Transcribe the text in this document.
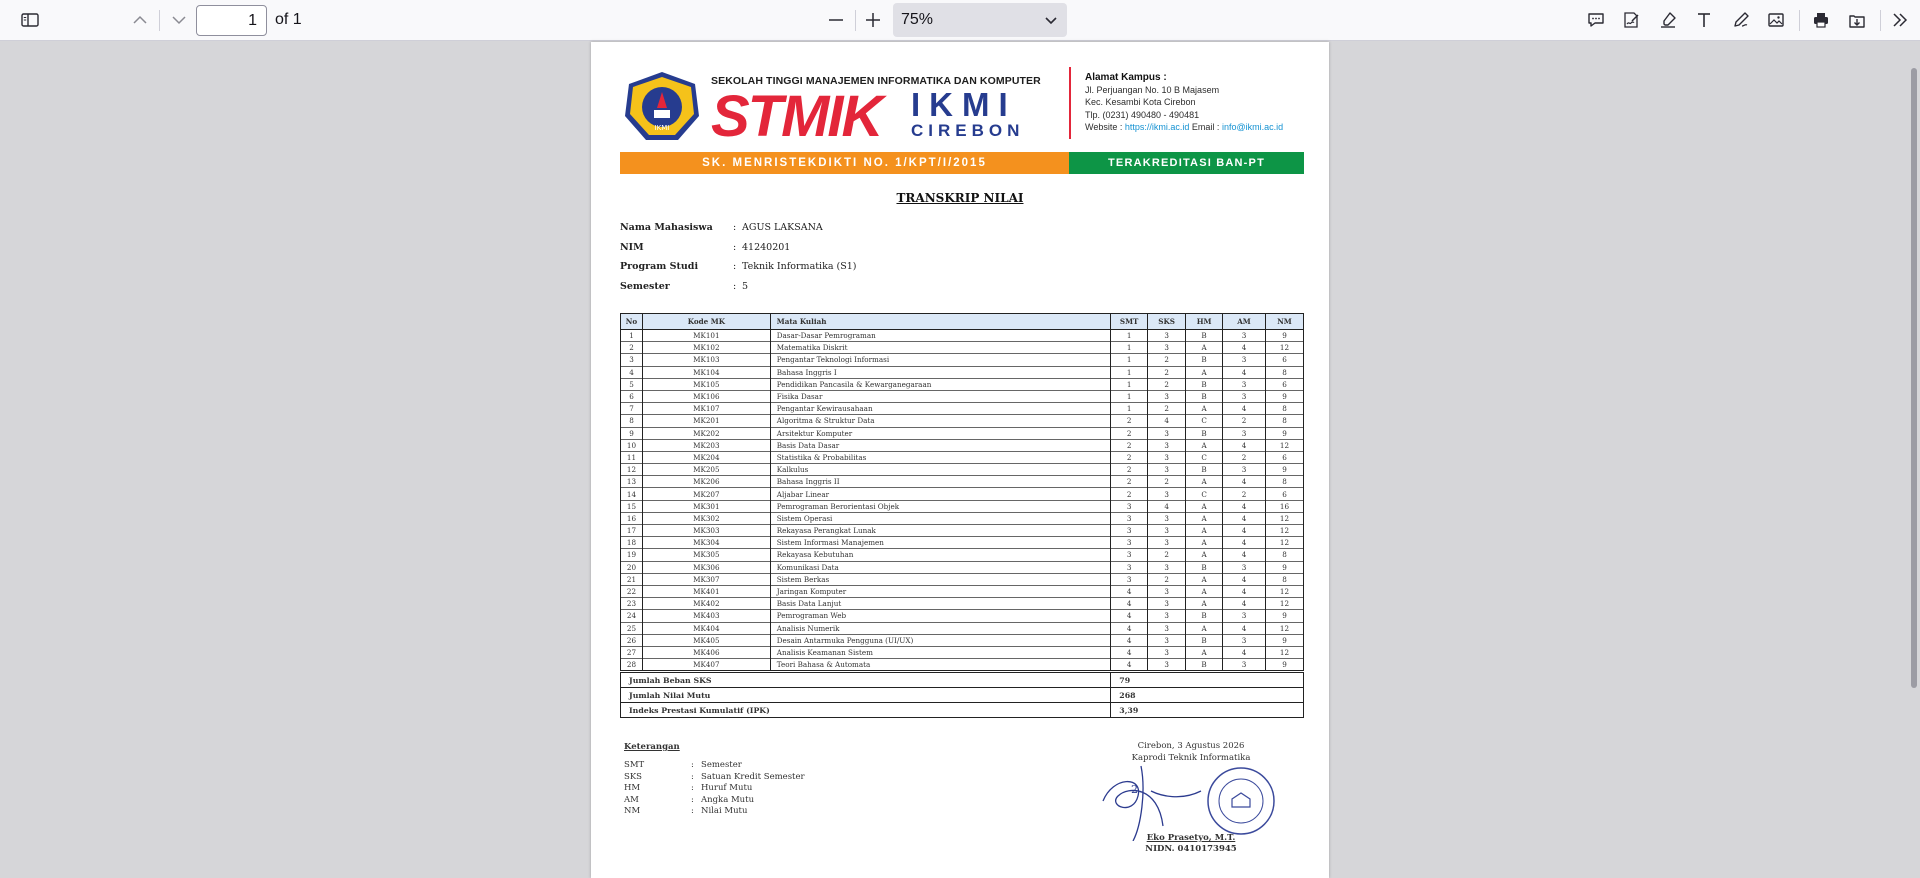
1	of 1	75%
IKMI
SEKOLAH TINGGI MANAJEMEN INFORMATIKA DAN KOMPUTER
STMIK IKMI
CIREBON
Alamat Kampus :
Jl. Perjuangan No. 10 B Majasem
Kec. Kesambi Kota Cirebon
Tlp. (0231) 490480 - 490481
Website : https://ikmi.ac.id Email : info@ikmi.ac.id
SK. MENRISTEKDIKTI NO. 1/KPT/I/2015	TERAKREDITASI BAN-PT
TRANSKRIP NILAI
Nama Mahasiswa : AGUS LAKSANA
NIM	: 41240201
Program Studi	: Teknik Informatika (S1)
Semester	: 5
No	Kode MK	Mata Kuliah	SMT	SKS	HM	AM	NM
1	MK101	Dasar-Dasar Pemrograman	1	3	B	3	9
2	MK102	Matematika Diskrit	1	3	A	4	12
3	MK103	Pengantar Teknologi Informasi	1	2	B	3	6
4	MK104	Bahasa Inggris I	1	2	A	4	8
5	MK105	Pendidikan Pancasila & Kewarganegaraan	1	2	B	3	6
6	MK106	Fisika Dasar	1	3	B	3	9
7	MK107	Pengantar Kewirausahaan	1	2	A	4	8
8	MK201	Algoritma & Struktur Data	2	4	C	2	8
9	MK202	Arsitektur Komputer	2	3	B	3	9
10	MK203	Basis Data Dasar	2	3	A	4	12
11	MK204	Statistika & Probabilitas	2	3	C	2	6
12	MK205	Kalkulus	2	3	B	3	9
13	MK206	Bahasa Inggris II	2	2	A	4	8
14	MK207	Aljabar Linear	2	3	C	2	6
15	MK301	Pemrograman Berorientasi Objek	3	4	A	4	16
16	MK302	Sistem Operasi	3	3	A	4	12
17	MK303	Rekayasa Perangkat Lunak	3	3	A	4	12
18	MK304	Sistem Informasi Manajemen	3	3	A	4	12
19	MK305	Rekayasa Kebutuhan	3	2	A	4	8
20	MK306	Komunikasi Data	3	3	B	3	9
21	MK307	Sistem Berkas	3	2	A	4	8
22	MK401	Jaringan Komputer	4	3	A	4	12
23	MK402	Basis Data Lanjut	4	3	A	4	12
24	MK403	Pemrograman Web	4	3	B	3	9
25	MK404	Analisis Numerik	4	3	A	4	12
26	MK405	Desain Antarmuka Pengguna (UI/UX)	4	3	B	3	9
27	MK406	Analisis Keamanan Sistem	4	3	A	4	12
28	MK407	Teori Bahasa & Automata	4	3	B	3	9
Jumlah Beban SKS	79
Jumlah Nilai Mutu	268
Indeks Prestasi Kumulatif (IPK)	3,39
Keterangan
SMT	: Semester
SKS	: Satuan Kredit Semester
HM	: Huruf Mutu
AM	: Angka Mutu
NM	: Nilai Mutu
Cirebon, 3 Agustus 2026
Kaprodi Teknik Informatika
2
Eko Prasetyo, M.T.
NIDN. 0410173945
